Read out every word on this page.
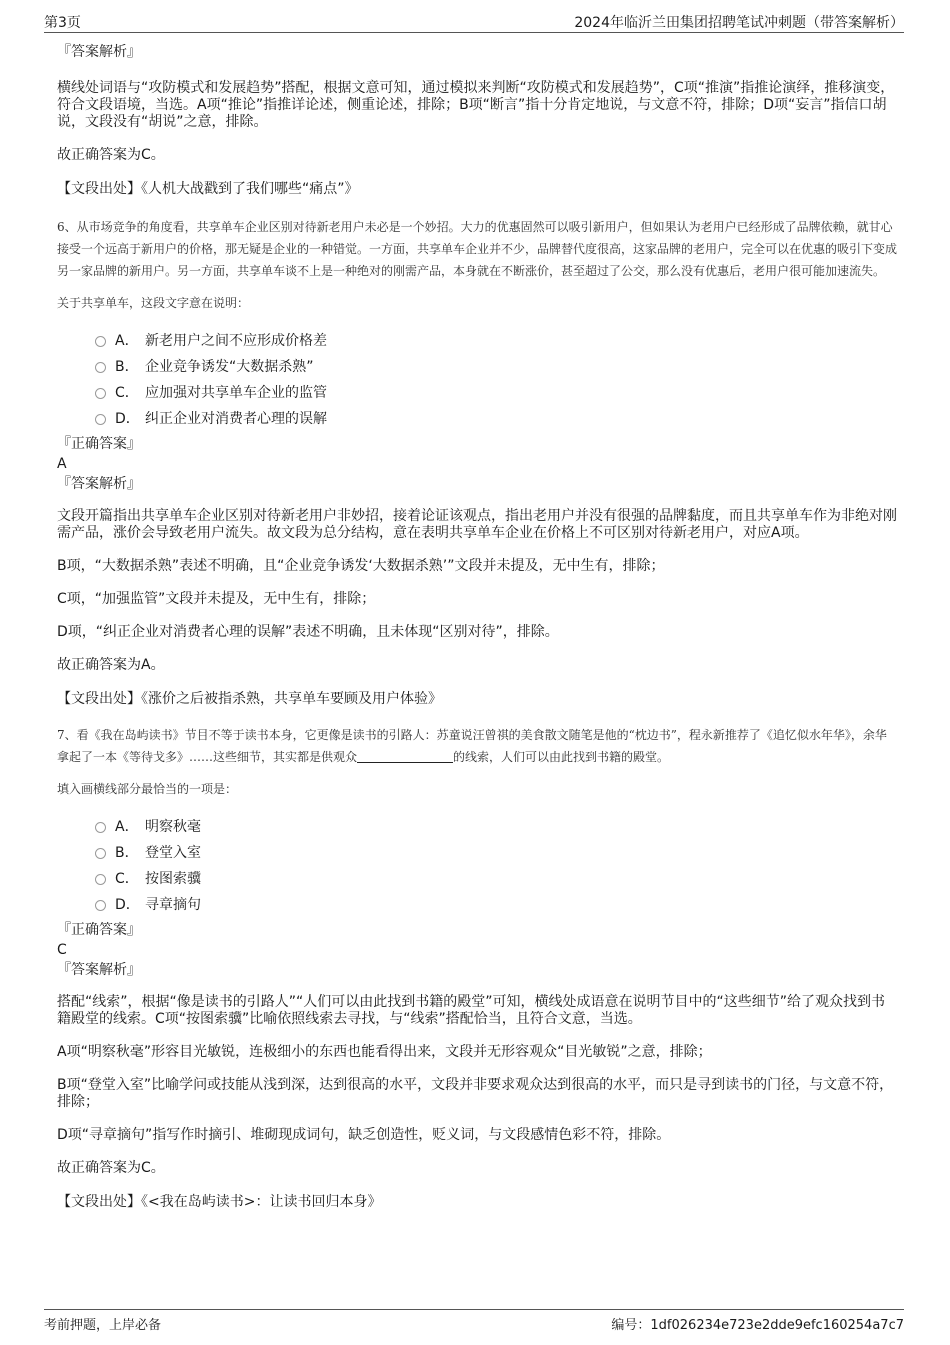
第3页	2024年临沂兰田集团招聘笔试冲刺题（带答案解析）

『答案解析』

横线处词语与“攻防模式和发展趋势”搭配，根据文意可知，通过模拟来判断“攻防模式和发展趋势”，C项“推演”指推论演绎，推移演变，符合文段语境，当选。A项“推论”指推详论述，侧重论述，排除；B项“断言”指十分肯定地说，与文意不符，排除；D项“妄言”指信口胡说，文段没有“胡说”之意，排除。

故正确答案为C。

【文段出处】《人机大战戳到了我们哪些“痛点”》

6、从市场竞争的角度看，共享单车企业区别对待新老用户未必是一个妙招。大力的优惠固然可以吸引新用户，但如果认为老用户已经形成了品牌依赖，就甘心接受一个远高于新用户的价格，那无疑是企业的一种错觉。一方面，共享单车企业并不少，品牌替代度很高，这家品牌的老用户，完全可以在优惠的吸引下变成另一家品牌的新用户。另一方面，共享单车谈不上是一种绝对的刚需产品，本身就在不断涨价，甚至超过了公交，那么没有优惠后，老用户很可能加速流失。

关于共享单车，这段文字意在说明：

A． 新老用户之间不应形成价格差
B． 企业竞争诱发“大数据杀熟”
C． 应加强对共享单车企业的监管
D． 纠正企业对消费者心理的误解

『正确答案』

A

『答案解析』

文段开篇指出共享单车企业区别对待新老用户非妙招，接着论证该观点，指出老用户并没有很强的品牌黏度，而且共享单车作为非绝对刚需产品，涨价会导致老用户流失。故文段为总分结构，意在表明共享单车企业在价格上不可区别对待新老用户，对应A项。

B项，“大数据杀熟”表述不明确，且“企业竞争诱发‘大数据杀熟’”文段并未提及，无中生有，排除；

C项，“加强监管”文段并未提及，无中生有，排除；

D项，“纠正企业对消费者心理的误解”表述不明确，且未体现“区别对待”，排除。

故正确答案为A。

【文段出处】《涨价之后被指杀熟，共享单车要顾及用户体验》

7、看《我在岛屿读书》节目不等于读书本身，它更像是读书的引路人：苏童说汪曾祺的美食散文随笔是他的“枕边书”，程永新推荐了《追忆似水年华》，余华拿起了一本《等待戈多》……这些细节，其实都是供观众	的线索，人们可以由此找到书籍的殿堂。

填入画横线部分最恰当的一项是：

A． 明察秋毫
B． 登堂入室
C． 按图索骥
D． 寻章摘句

『正确答案』

C

『答案解析』

搭配“线索”，根据“像是读书的引路人”“人们可以由此找到书籍的殿堂”可知，横线处成语意在说明节目中的“这些细节”给了观众找到书籍殿堂的线索。C项“按图索骥”比喻依照线索去寻找，与“线索”搭配恰当，且符合文意，当选。

A项“明察秋毫”形容目光敏锐，连极细小的东西也能看得出来，文段并无形容观众“目光敏锐”之意，排除；

B项“登堂入室”比喻学问或技能从浅到深，达到很高的水平，文段并非要求观众达到很高的水平，而只是寻到读书的门径，与文意不符，排除；

D项“寻章摘句”指写作时摘引、堆砌现成词句，缺乏创造性，贬义词，与文段感情色彩不符，排除。

故正确答案为C。

【文段出处】《<我在岛屿读书>：让读书回归本身》

考前押题，上岸必备	编号：1df026234e723e2dde9efc160254a7c7
